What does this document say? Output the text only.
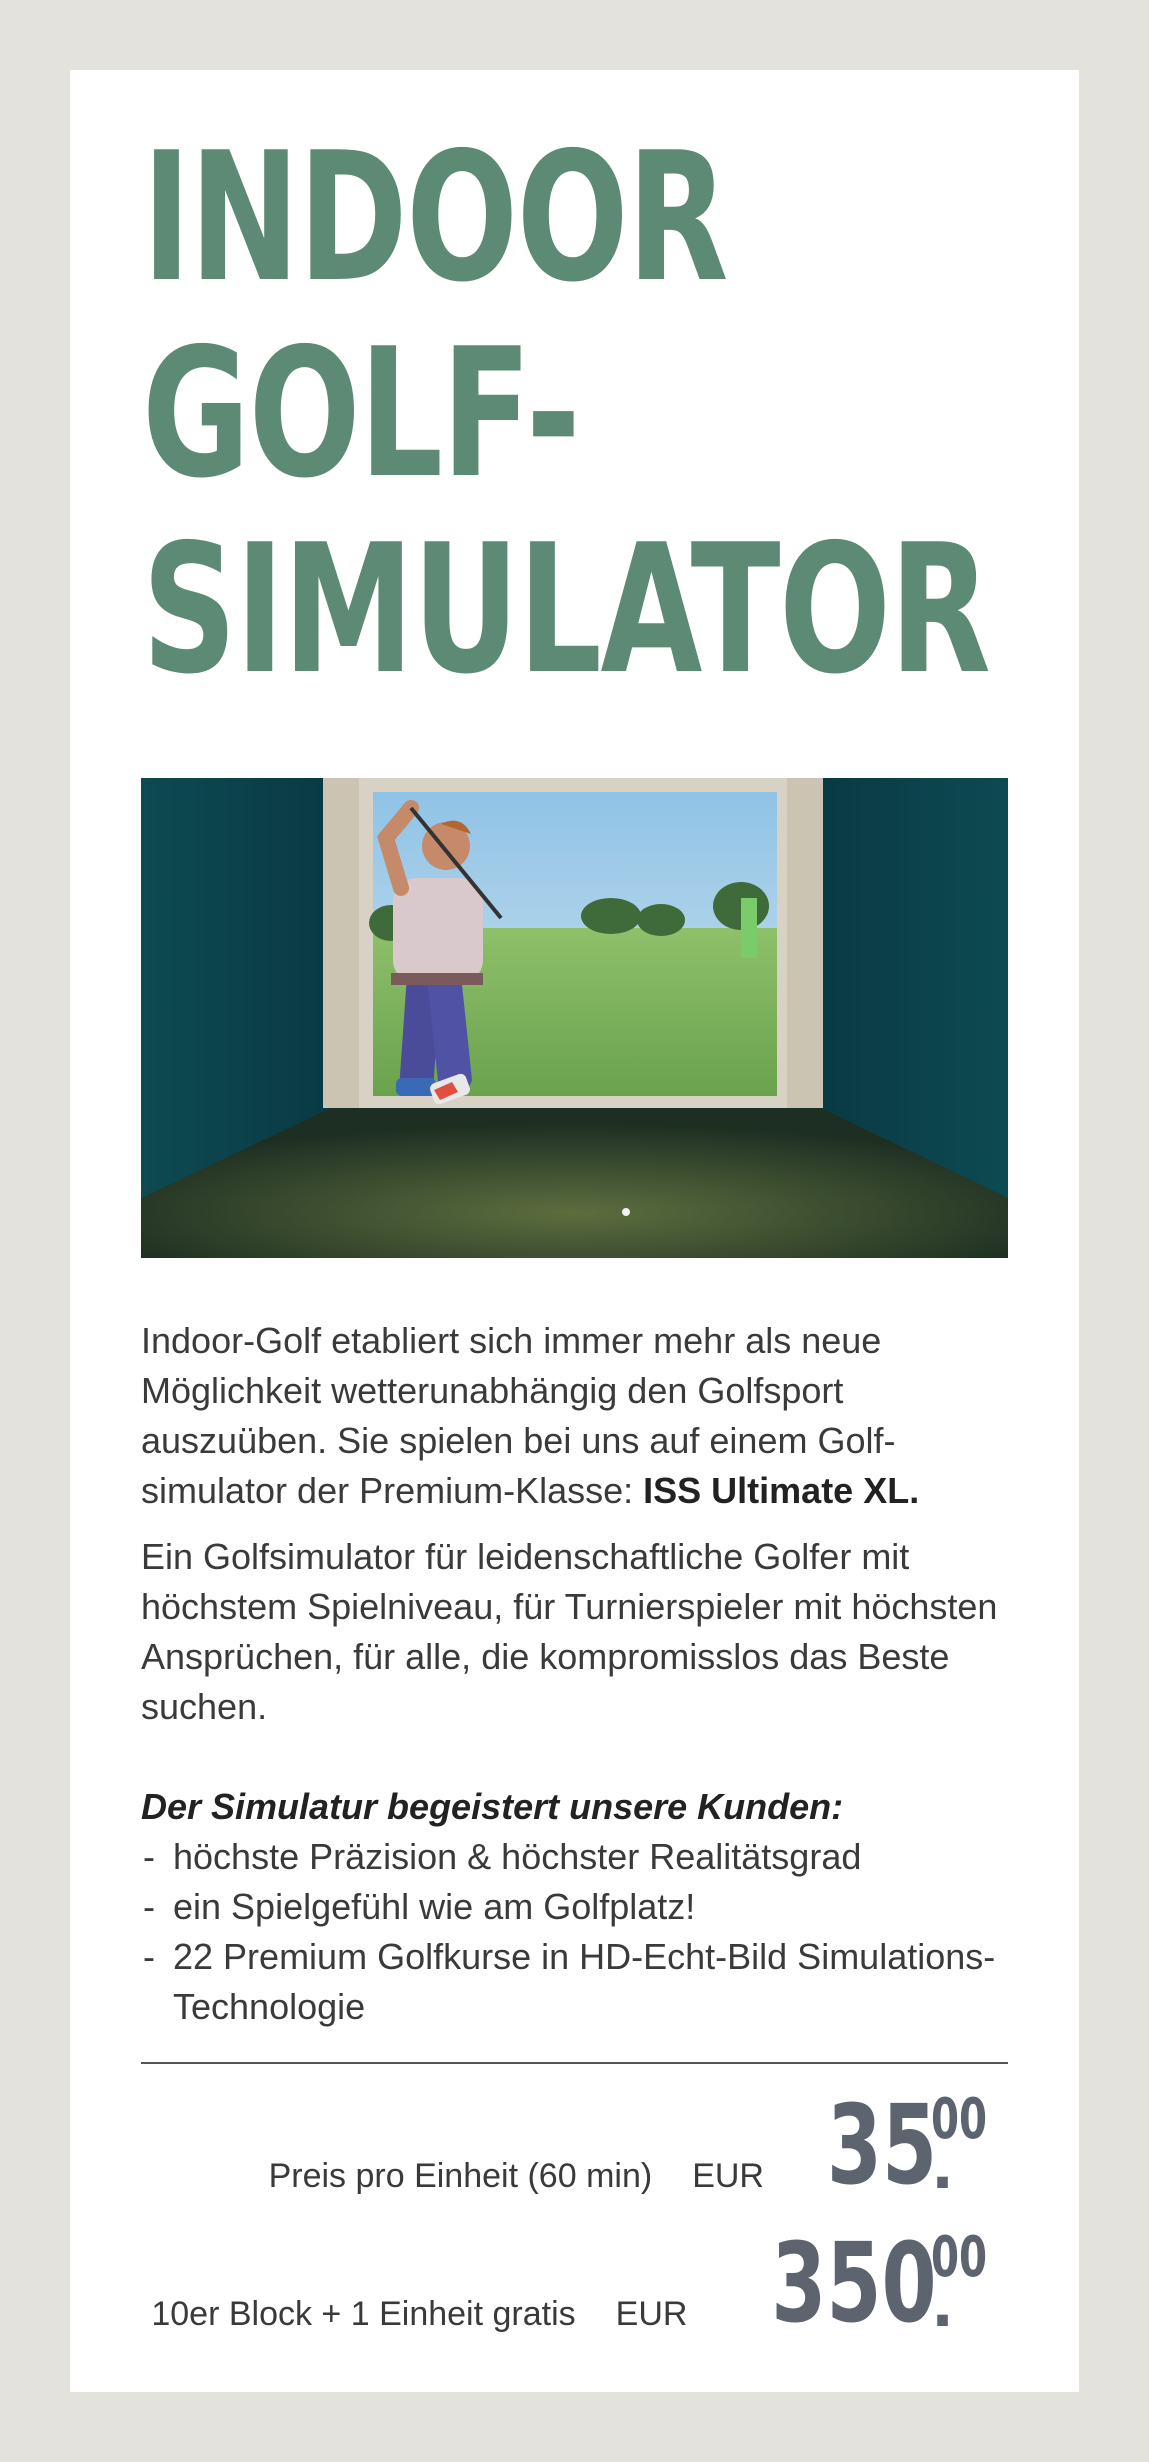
INDOOR
GOLF-
SIMULATOR

Indoor-Golf etabliert sich immer mehr als neue Möglichkeit wetterunabhängig den Golfsport auszuüben. Sie spielen bei uns auf einem Golf-simulator der Premium-Klasse: ISS Ultimate XL.

Ein Golfsimulator für leidenschaftliche Golfer mit höchstem Spielniveau, für Turnierspieler mit höchsten Ansprüchen, für alle, die kompromisslos das Beste suchen.

Der Simulatur begeistert unsere Kunden:

- höchste Präzision & höchster Realitätsgrad
- ein Spielgefühl wie am Golfplatz!
- 22 Premium Golfkurse in HD-Echt-Bild Simulations-Technologie
Preis pro Einheit (60 min) EUR 35
00
.
10er Block + 1 Einheit gratis EUR 350
00
.
